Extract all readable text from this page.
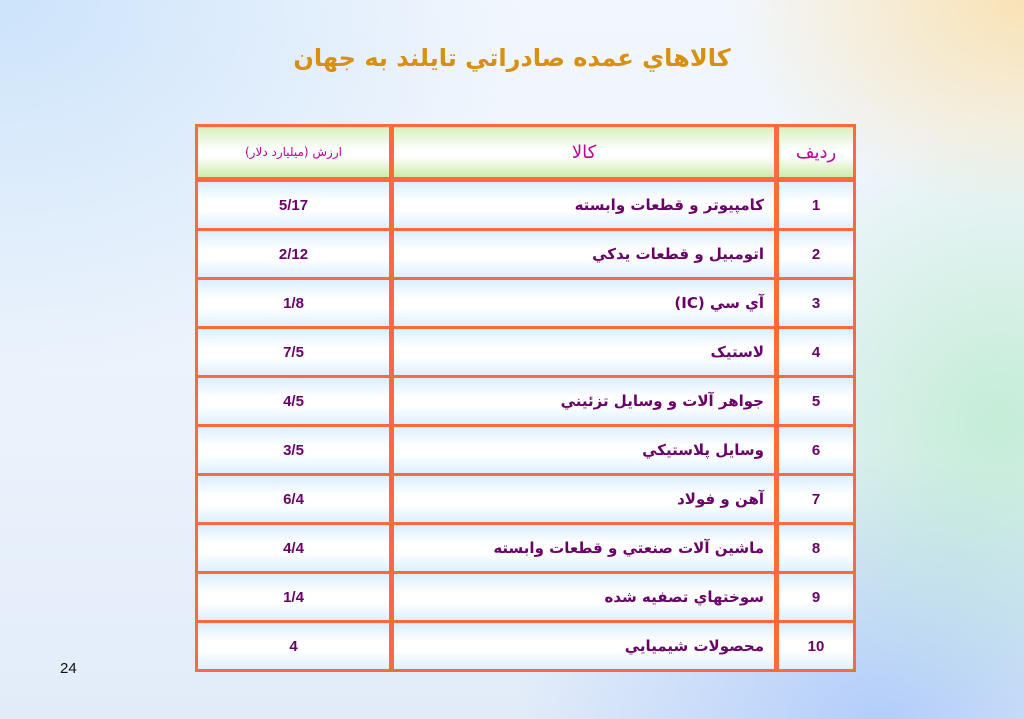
کالاهاي عمده صادراتي تايلند به جهان
رديف	کالا	ارزش (ميليارد دلار)
1	کامپيوتر و قطعات وابسته	5/17
2	اتومبيل و قطعات يدکي	2/12
3	آي سي (IC)	1/8
4	لاستيک	7/5
5	جواهر آلات و وسايل تزئيني	4/5
6	وسايل پلاستيکي	3/5
7	آهن و فولاد	6/4
8	ماشين آلات صنعتي و قطعات وابسته	4/4
9	سوختهاي تصفيه شده	1/4
10	محصولات شيميايي	4
24
